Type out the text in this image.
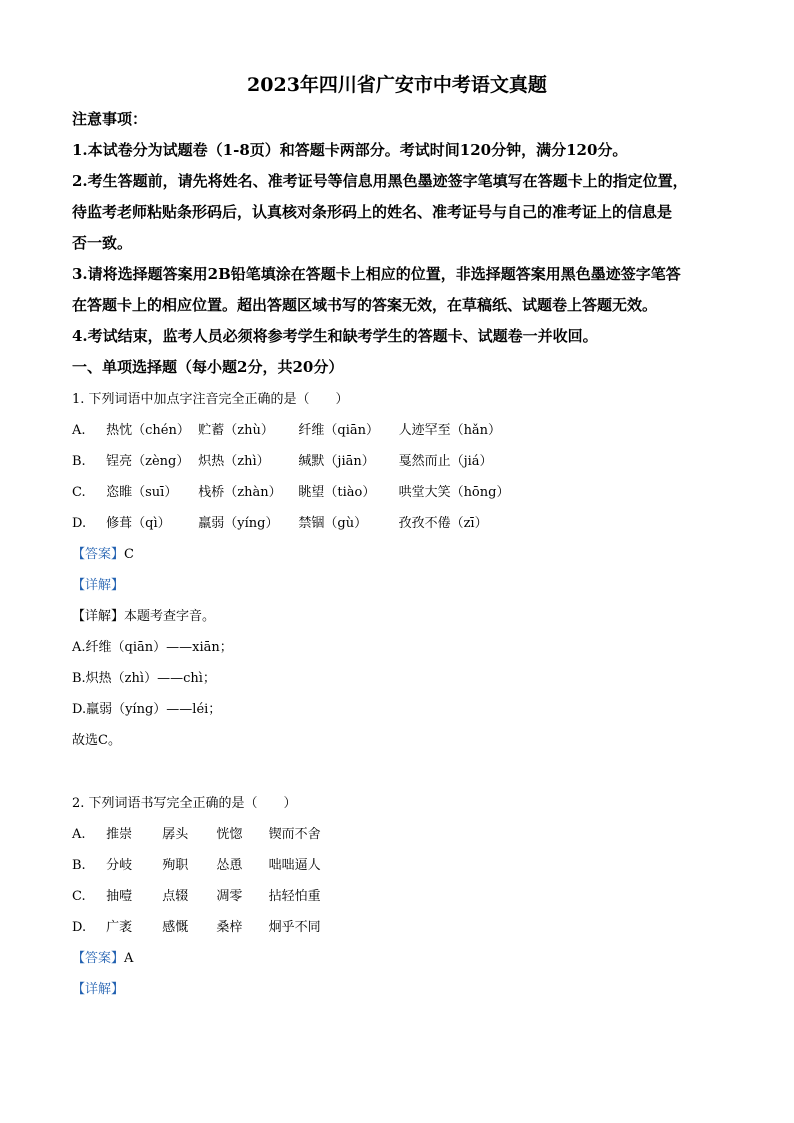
2023年四川省广安市中考语文真题

注意事项：

1.本试卷分为试题卷（1-8页）和答题卡两部分。考试时间120分钟，满分120分。

2.考生答题前，请先将姓名、准考证号等信息用黑色墨迹签字笔填写在答题卡上的指定位置，

待监考老师粘贴条形码后，认真核对条形码上的姓名、准考证号与自己的准考证上的信息是

否一致。

3.请将选择题答案用2B铅笔填涂在答题卡上相应的位置，非选择题答案用黑色墨迹签字笔答

在答题卡上的相应位置。超出答题区域书写的答案无效，在草稿纸、试题卷上答题无效。

4.考试结束，监考人员必须将参考学生和缺考学生的答题卡、试题卷一并收回。

一、单项选择题（每小题2分，共20分）

1. 下列词语中加点字注音完全正确的是（　　）

A. 热忱（chén） 贮蓄（zhù） 纤维（qiān） 人迹罕至（hǎn）

B. 锃亮（zèng） 炽热（zhì） 缄默（jiān） 戛然而止（jiá）

C. 恣睢（suī） 栈桥（zhàn） 眺望（tiào） 哄堂大笑（hōng）

D. 修葺（qì） 羸弱（yíng） 禁锢（gù） 孜孜不倦（zī）

【答案】C

【详解】

【详解】本题考查字音。

A.纤维（qiān）——xiān；

B.炽热（zhì）——chì；

D.羸弱（yíng）——léi；

故选C。

2. 下列词语书写完全正确的是（　　）

A. 推崇 孱头 恍惚 锲而不舍

B. 分岐 殉职 怂恿 咄咄逼人

C. 抽噎 点辍 凋零 拈轻怕重

D. 广袤 感慨 桑梓 炯乎不同

【答案】A

【详解】
